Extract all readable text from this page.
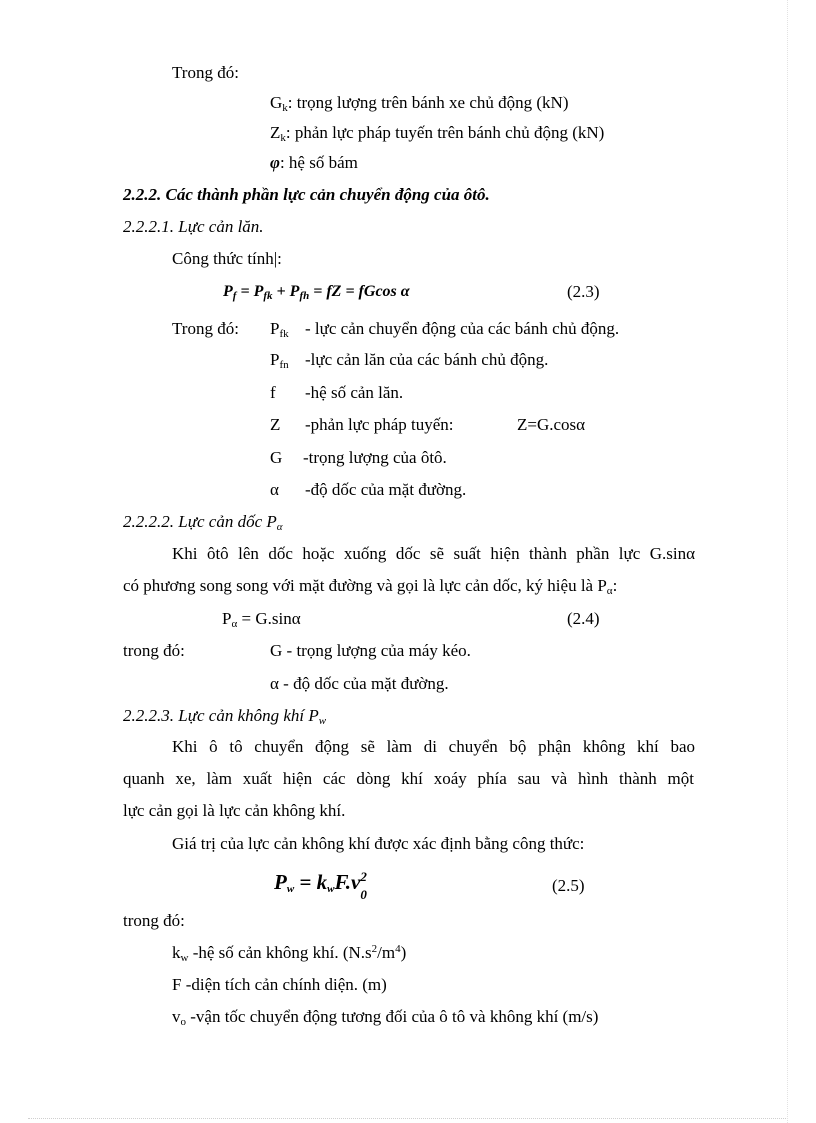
Trong đó:
$G_k$: trọng lượng trên bánh xe chủ động (kN)
$Z_k$: phản lực pháp tuyến trên bánh chủ động (kN)
φ: hệ số bám
2.2.2. Các thành phần lực cản chuyển động của ôtô.
2.2.2.1. Lực cản lăn.
Công thức tính|:
$P_f = P_{fk} + P_{fh}$ = fZ = fGcos α	(2.3)
Trong đó: $P_{fk}$ - lực cản chuyển động của các bánh chủ động.
$P_{fn}$ -lực cản lăn của các bánh chủ động.
f -hệ số cản lăn.
Z -phản lực pháp tuyến:	Z=G.cosα
G -trọng lượng của ôtô.
α -độ dốc của mặt đường.
2.2.2.2. Lực cản dốc $P_\alpha$
Khi ôtô lên dốc hoặc xuống dốc sẽ suất hiện thành phần lực G.sinα
có phương song song với mặt đường và gọi là lực cản dốc, ký hiệu là $P_\alpha$:
$P_\alpha = G.\sin\alpha$	(2.4)
trong đó:	G - trọng lượng của máy kéo.
α - độ dốc của mặt đường.
2.2.2.3. Lực cản không khí $P_w$
Khi ô tô chuyển động sẽ làm di chuyển bộ phận không khí bao
quanh xe, làm xuất hiện các dòng khí xoáy phía sau và hình thành một
lực cản gọi là lực cản không khí.
Giá trị của lực cản không khí được xác định bằng công thức:
$P_w = k_wF.v$ 2
0	(2.5)
trong đó:
$k_w$ -hệ số cản không khí. $(N.s^2/m^4)$
F -diện tích cản chính diện. (m)
$v_o$ -vận tốc chuyển động tương đối của ô tô và không khí (m/s)
